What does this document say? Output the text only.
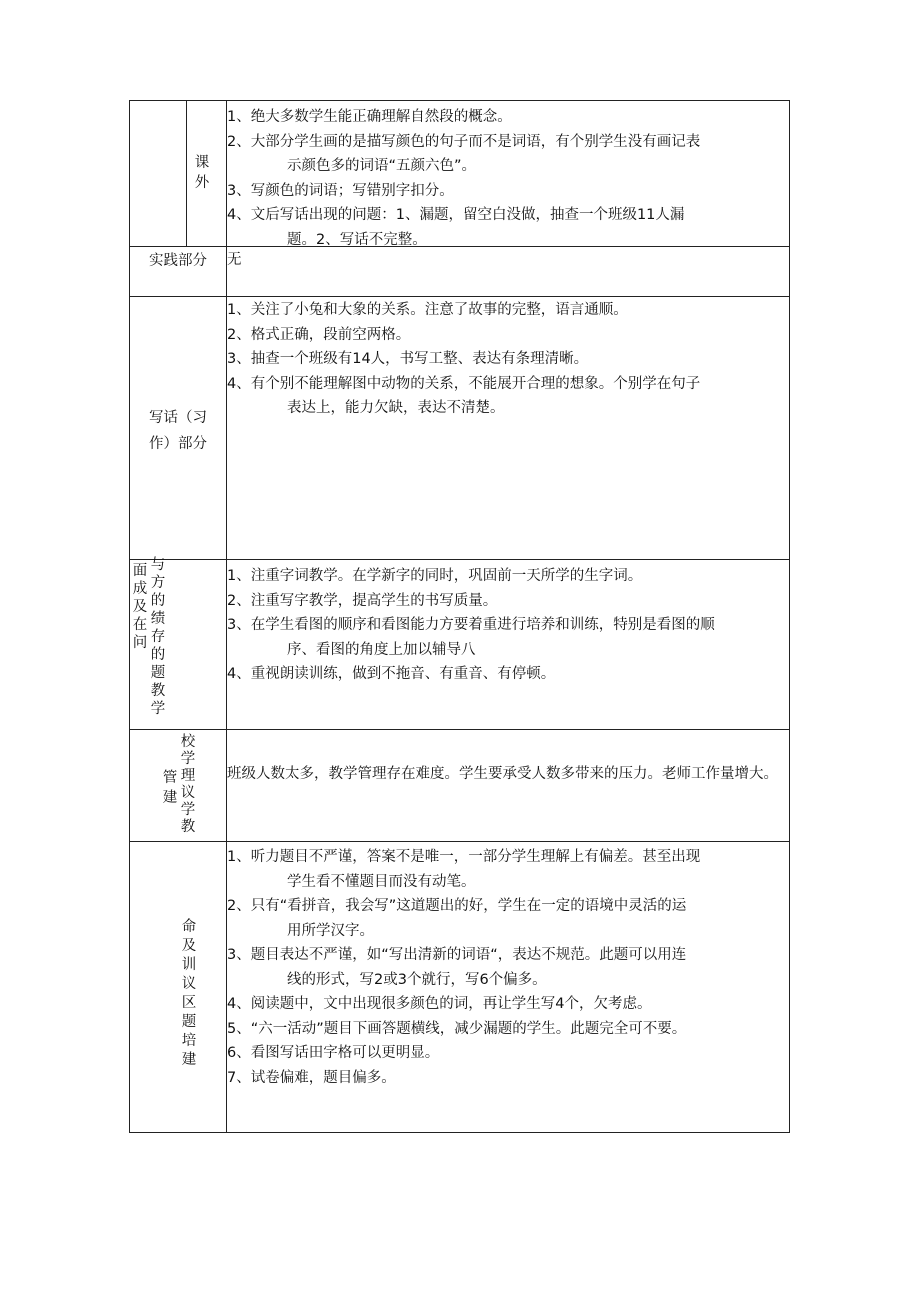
课
外
1、绝大多数学生能正确理解自然段的概念。
2、大部分学生画的是描写颜色的句子而不是词语，有个别学生没有画记表
示颜色多的词语“五颜六色”。
3、写颜色的词语；写错别字扣分。
4、文后写话出现的问题：1、漏题，留空白没做，抽查一个班级11人漏
题。2、写话不完整。
实践部分	无
写话（习
作）部分
1、关注了小兔和大象的关系。注意了故事的完整，语言通顺。
2、格式正确，段前空两格。
3、抽查一个班级有14人，书写工整、表达有条理清晰。
4、有个别不能理解图中动物的关系，不能展开合理的想象。个别学在句子
表达上，能力欠缺，表达不清楚。
面成及在问
与方的绩存的题教学
1、注重字词教学。在学新字的同时，巩固前一天所学的生字词。
2、注重写字教学，提高学生的书写质量。
3、在学生看图的顺序和看图能力方要着重进行培养和训练，特别是看图的顺
序、看图的角度上加以辅导八
4、重视朗读训练，做到不拖音、有重音、有停顿。
管建
校学理议学教
班级人数太多，教学管理存在难度。学生要承受人数多带来的压力。老师工作量增大。
命及训议区题培建
1、听力题目不严谨，答案不是唯一，一部分学生理解上有偏差。甚至出现
学生看不懂题目而没有动笔。
2、只有“看拼音，我会写”这道题出的好，学生在一定的语境中灵活的运
用所学汉字。
3、题目表达不严谨，如“写出清新的词语“，表达不规范。此题可以用连
线的形式，写2或3个就行，写6个偏多。
4、阅读题中，文中出现很多颜色的词，再让学生写4个，欠考虑。
5、“六一活动”题目下画答题横线，减少漏题的学生。此题完全可不要。
6、看图写话田字格可以更明显。
7、试卷偏难，题目偏多。
